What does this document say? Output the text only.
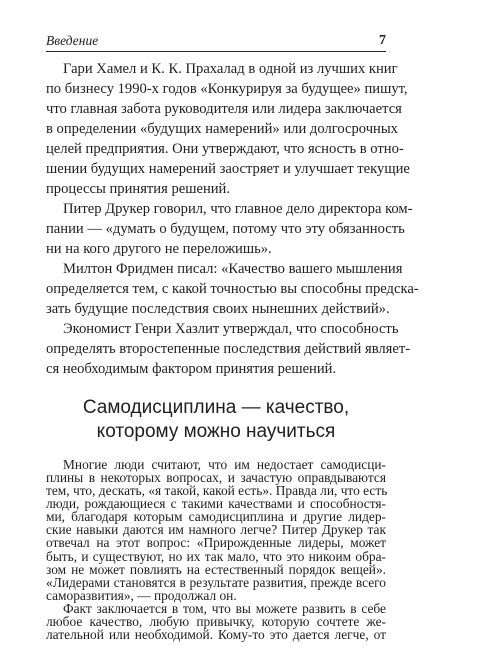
Введение	7
Гари Хамел и К. К. Прахалад в одной из лучших книг
по бизнесу 1990-х годов «Конкурируя за будущее» пишут,
что главная забота руководителя или лидера заключается
в определении «будущих намерений» или долгосрочных
целей предприятия. Они утверждают, что ясность в отно-
шении будущих намерений заостряет и улучшает текущие
процессы принятия решений.
Питер Друкер говорил, что главное дело директора ком-
пании — «думать о будущем, потому что эту обязанность
ни на кого другого не переложишь».
Милтон Фридмен писал: «Качество вашего мышления
определяется тем, с какой точностью вы способны предска-
зать будущие последствия своих нынешних действий».
Экономист Генри Хазлит утверждал, что способность
определять второстепенные последствия действий являет-
ся необходимым фактором принятия решений.
Самодисциплина — качество,
которому можно научиться
Многие люди считают, что им недостает самодисци-
плины в некоторых вопросах, и зачастую оправдываются
тем, что, дескать, «я такой, какой есть». Правда ли, что есть
люди, рождающиеся с такими качествами и способностя-
ми, благодаря которым самодисциплина и другие лидер-
ские навыки даются им намного легче? Питер Друкер так
отвечал на этот вопрос: «Прирожденные лидеры, может
быть, и существуют, но их так мало, что это никоим обра-
зом не может повлиять на естественный порядок вещей».
«Лидерами становятся в результате развития, прежде всего
саморазвития», — продолжал он.
Факт заключается в том, что вы можете развить в себе
любое качество, любую привычку, которую сочтете же-
лательной или необходимой. Кому-то это дается легче, от
